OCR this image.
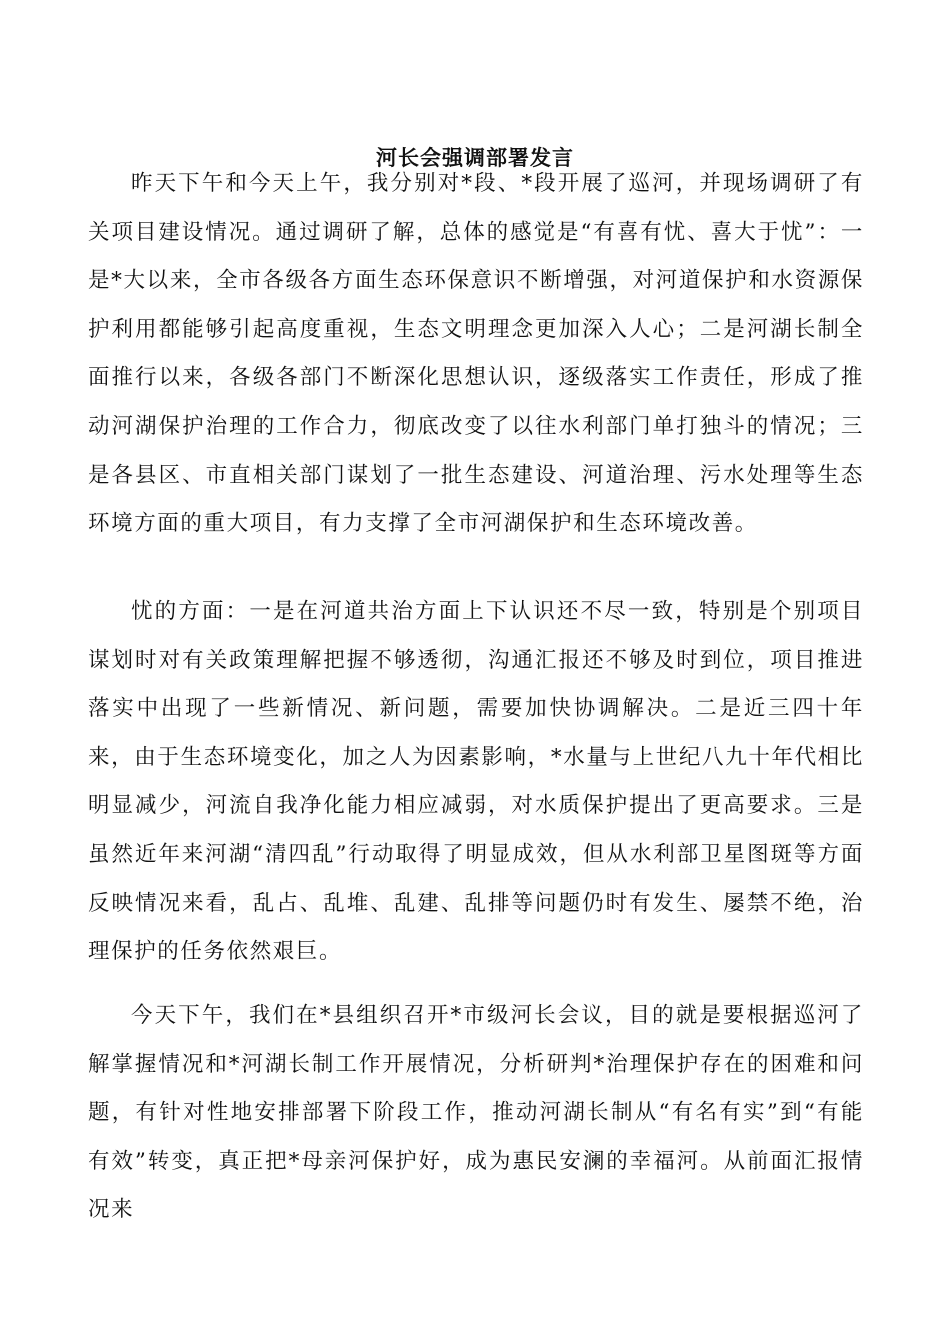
河长会强调部署发言

昨天下午和今天上午，我分别对*段、*段开展了巡河，并现场调研了有关项目建设情况。通过调研了解，总体的感觉是“有喜有忧、喜大于忧”：一是*大以来，全市各级各方面生态环保意识不断增强，对河道保护和水资源保护利用都能够引起高度重视，生态文明理念更加深入人心；二是河湖长制全面推行以来，各级各部门不断深化思想认识，逐级落实工作责任，形成了推动河湖保护治理的工作合力，彻底改变了以往水利部门单打独斗的情况；三是各县区、市直相关部门谋划了一批生态建设、河道治理、污水处理等生态环境方面的重大项目，有力支撑了全市河湖保护和生态环境改善。

忧的方面：一是在河道共治方面上下认识还不尽一致，特别是个别项目谋划时对有关政策理解把握不够透彻，沟通汇报还不够及时到位，项目推进落实中出现了一些新情况、新问题，需要加快协调解决。二是近三四十年来，由于生态环境变化，加之人为因素影响，*水量与上世纪八九十年代相比明显减少，河流自我净化能力相应减弱，对水质保护提出了更高要求。三是虽然近年来河湖“清四乱”行动取得了明显成效，但从水利部卫星图斑等方面反映情况来看，乱占、乱堆、乱建、乱排等问题仍时有发生、屡禁不绝，治理保护的任务依然艰巨。

今天下午，我们在*县组织召开*市级河长会议，目的就是要根据巡河了解掌握情况和*河湖长制工作开展情况，分析研判*治理保护存在的困难和问题，有针对性地安排部署下阶段工作，推动河湖长制从“有名有实”到“有能有效”转变，真正把*母亲河保护好，成为惠民安澜的幸福河。从前面汇报情况来
